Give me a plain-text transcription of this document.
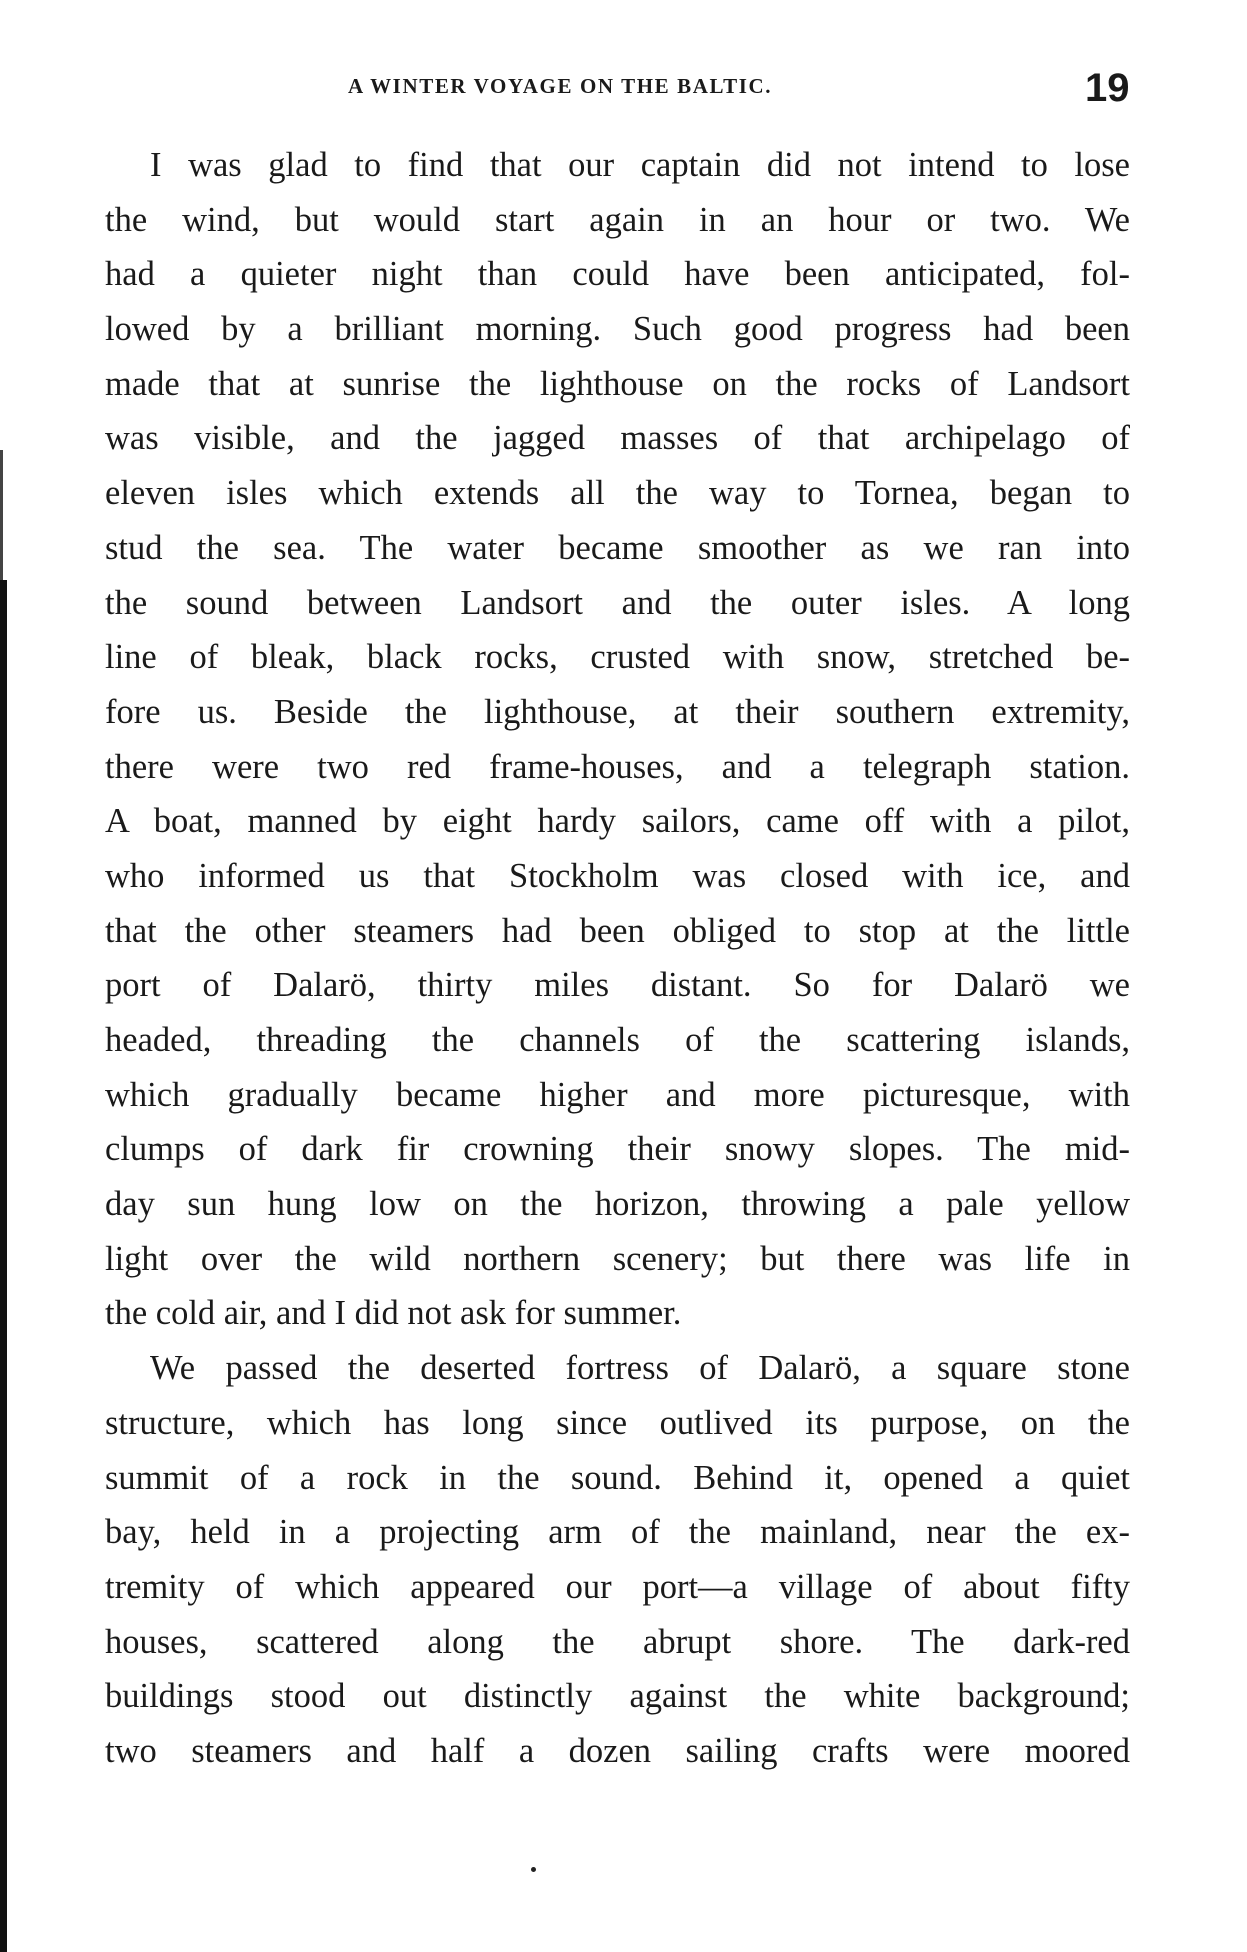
A WINTER VOYAGE ON THE BALTIC.	19
I was glad to find that our captain did not intend to lose
the wind, but would start again in an hour or two. We
had a quieter night than could have been anticipated, fol-
lowed by a brilliant morning. Such good progress had been
made that at sunrise the lighthouse on the rocks of Landsort
was visible, and the jagged masses of that archipelago of
eleven isles which extends all the way to Tornea, began to
stud the sea. The water became smoother as we ran into
the sound between Landsort and the outer isles. A long
line of bleak, black rocks, crusted with snow, stretched be-
fore us. Beside the lighthouse, at their southern extremity,
there were two red frame-houses, and a telegraph station.
A boat, manned by eight hardy sailors, came off with a pilot,
who informed us that Stockholm was closed with ice, and
that the other steamers had been obliged to stop at the little
port of Dalarö, thirty miles distant. So for Dalarö we
headed, threading the channels of the scattering islands,
which gradually became higher and more picturesque, with
clumps of dark fir crowning their snowy slopes. The mid-
day sun hung low on the horizon, throwing a pale yellow
light over the wild northern scenery; but there was life in
the cold air, and I did not ask for summer.
We passed the deserted fortress of Dalarö, a square stone
structure, which has long since outlived its purpose, on the
summit of a rock in the sound. Behind it, opened a quiet
bay, held in a projecting arm of the mainland, near the ex-
tremity of which appeared our port—a village of about fifty
houses, scattered along the abrupt shore. The dark-red
buildings stood out distinctly against the white background;
two steamers and half a dozen sailing crafts were moored
